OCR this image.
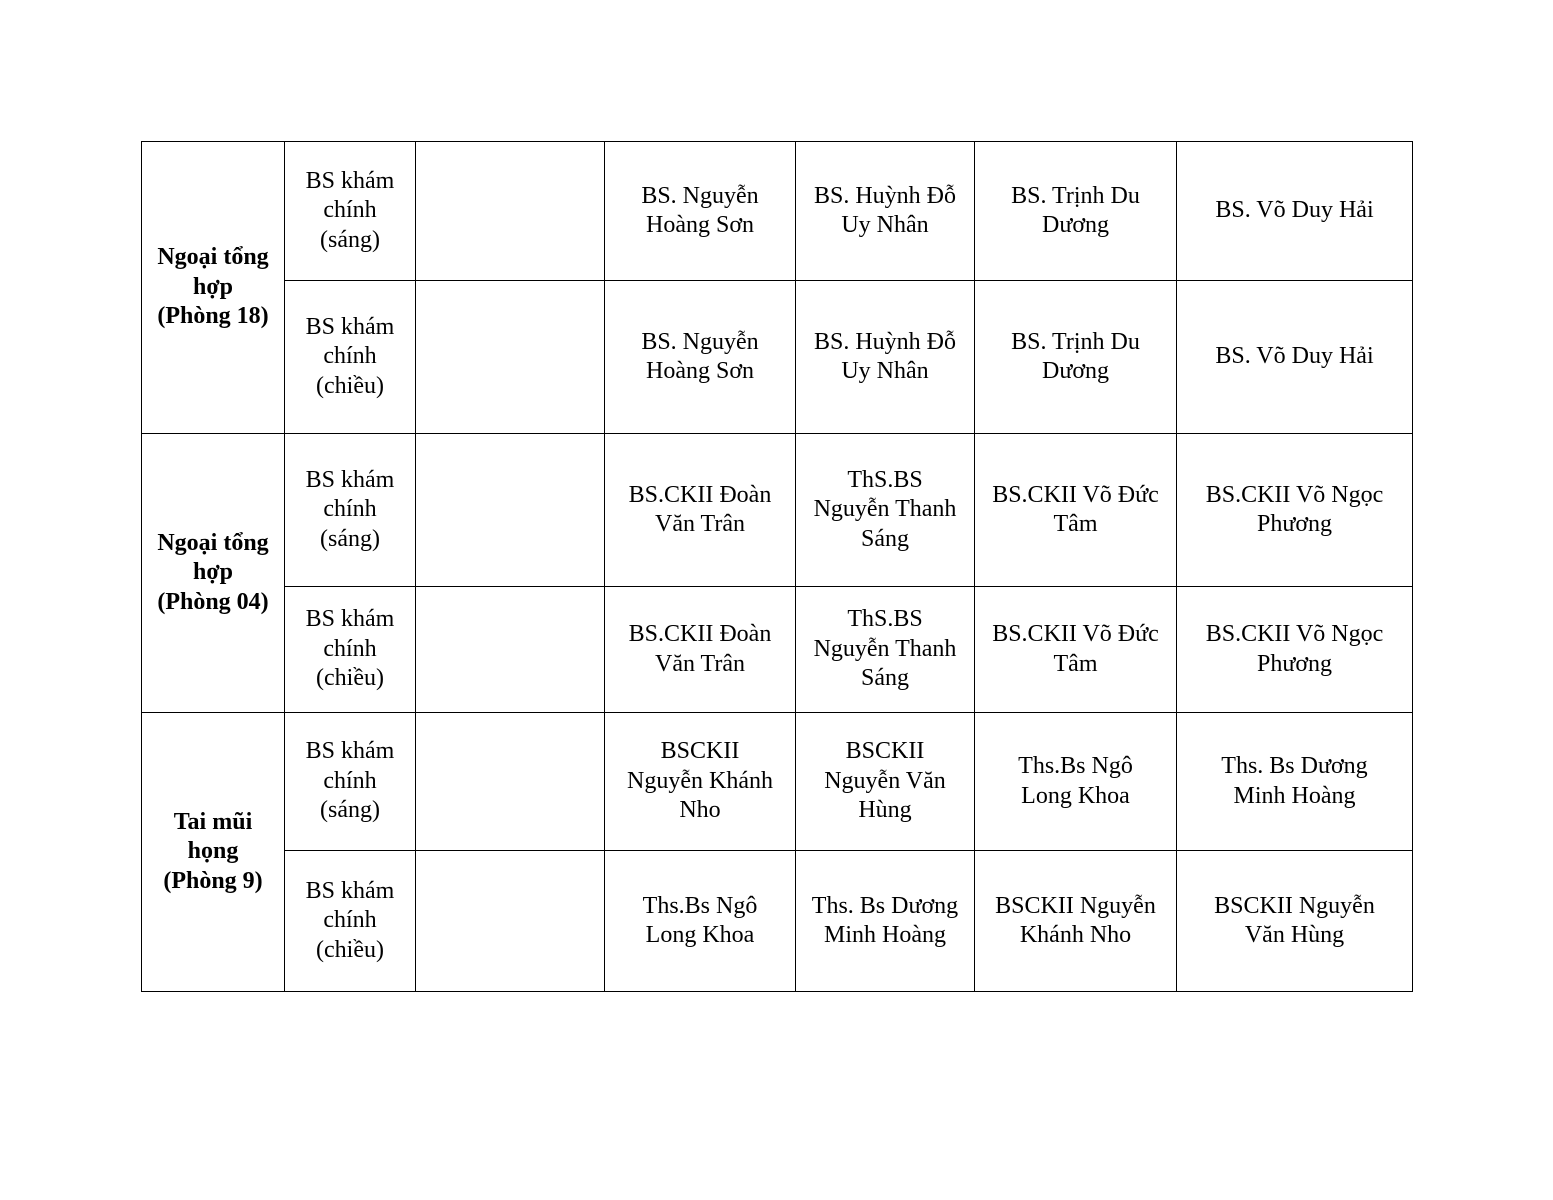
Ngoại tổng
hợp
(Phòng 18)	BS khám
chính
(sáng)		BS. Nguyễn
Hoàng Sơn	BS. Huỳnh Đỗ
Uy Nhân	BS. Trịnh Du
Dương	BS. Võ Duy Hải

	BS khám
chính
(chiều)		BS. Nguyễn
Hoàng Sơn	BS. Huỳnh Đỗ
Uy Nhân	BS. Trịnh Du
Dương	BS. Võ Duy Hải

Ngoại tổng
hợp
(Phòng 04)	BS khám
chính
(sáng)		BS.CKII Đoàn
Văn Trân	ThS.BS
Nguyễn Thanh
Sáng	BS.CKII Võ Đức
Tâm	BS.CKII Võ Ngọc
Phương

	BS khám
chính
(chiều)		BS.CKII Đoàn
Văn Trân	ThS.BS
Nguyễn Thanh
Sáng	BS.CKII Võ Đức
Tâm	BS.CKII Võ Ngọc
Phương

Tai mũi
họng
(Phòng 9)	BS khám
chính
(sáng)		BSCKII
Nguyễn Khánh
Nho	BSCKII
Nguyễn Văn
Hùng	Ths.Bs Ngô
Long Khoa	Ths. Bs Dương
Minh Hoàng

	BS khám
chính
(chiều)		Ths.Bs Ngô
Long Khoa	Ths. Bs Dương
Minh Hoàng	BSCKII Nguyễn
Khánh Nho	BSCKII Nguyễn
Văn Hùng
